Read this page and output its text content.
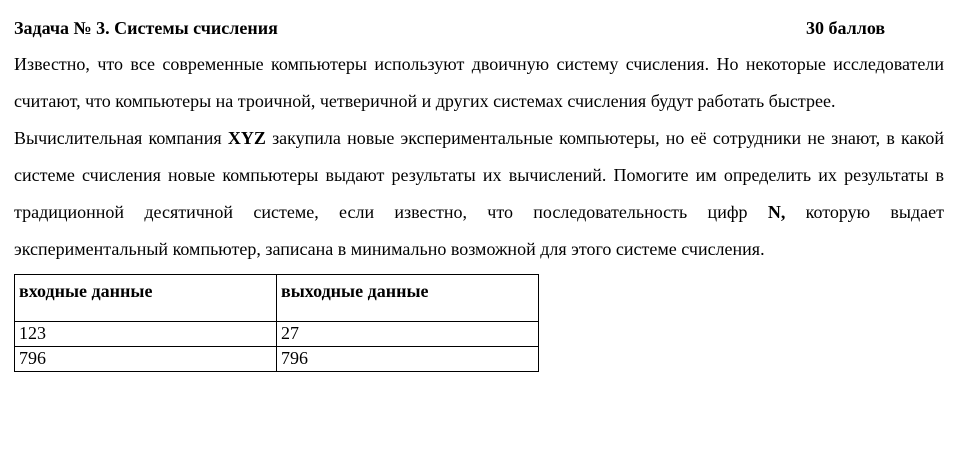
Задача № 3. Системы счисления	30 баллов

Известно, что все современные компьютеры используют двоичную систему счисления. Но некоторые исследователи считают, что компьютеры на троичной, четверичной и других системах счисления будут работать быстрее.

Вычислительная компания XYZ закупила новые экспериментальные компьютеры, но её сотрудники не знают, в какой системе счисления новые компьютеры выдают результаты их вычислений. Помогите им определить их результаты в традиционной десятичной системе, если известно, что последовательность цифр N, которую выдает экспериментальный компьютер, записана в минимально возможной для этого системе счисления.

входные данные	выходные данные
123	27
796	796
